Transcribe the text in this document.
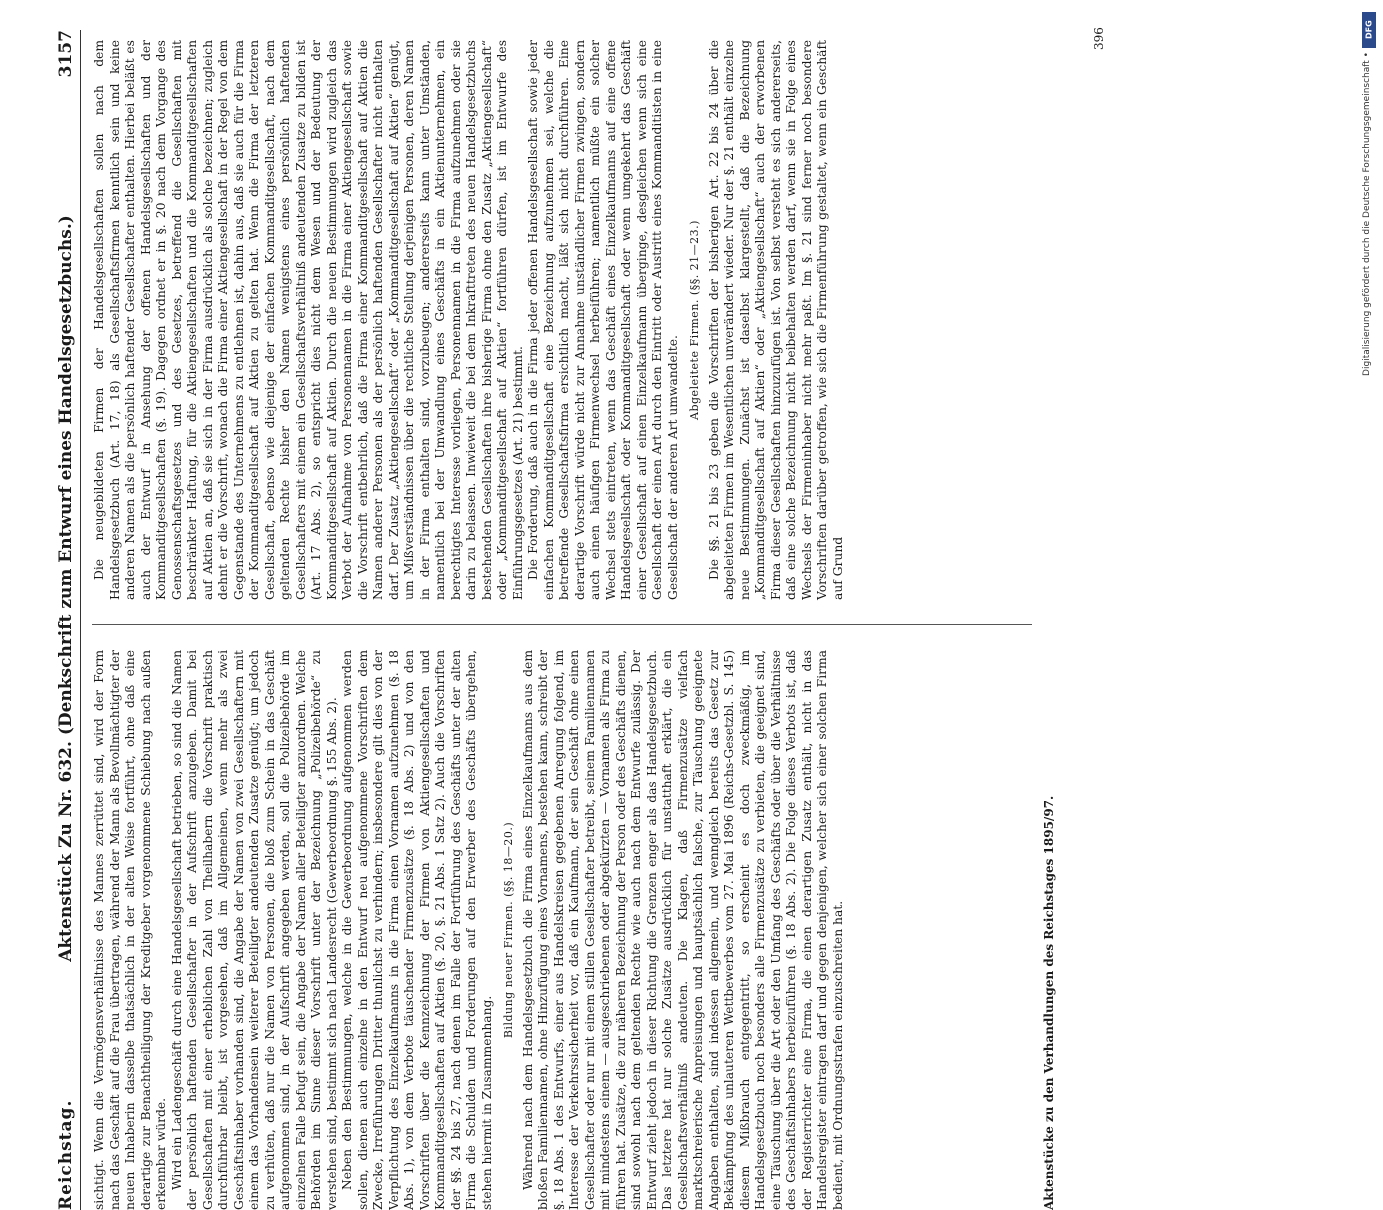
Reichstag.
Aktenstück Zu Nr. 632. (Denkschrift zum Entwurf eines Handelsgesetzbuchs.)
3157

sichtigt. Wenn die Vermögensverhältnisse des Mannes zerrüttet sind, wird der Form nach das Geschäft auf die Frau übertragen, während der Mann als Bevollmächtigter der neuen Inhaberin dasselbe thatsächlich in der alten Weise fortführt, ohne daß eine derartige zur Benachtheiligung der Kreditgeber vorgenommene Schiebung nach außen erkennbar würde. Wird ein Ladengeschäft durch eine Handelsgesellschaft betrieben, so sind die Namen der persönlich haftenden Gesellschafter in der Aufschrift anzugeben. Damit bei Gesellschaften mit einer erheblichen Zahl von Theilhabern die Vorschrift praktisch durchführbar bleibt, ist vorgesehen, daß im Allgemeinen, wenn mehr als zwei Geschäftsinhaber vorhanden sind, die Angabe der Namen von zwei Gesellschaftern mit einem das Vorhandensein weiterer Beteiligter andeutenden Zusatze genügt; um jedoch zu verhüten, daß nur die Namen von Personen, die bloß zum Schein in das Geschäft aufgenommen sind, in der Aufschrift angegeben werden, soll die Polizeibehörde im einzelnen Falle befugt sein, die Angabe der Namen aller Beteiligter anzuordnen. Welche Behörden im Sinne dieser Vorschrift unter der Bezeichnung „Polizeibehörde“ zu verstehen sind, bestimmt sich nach Landesrecht (Gewerbeordnung §. 155 Abs. 2). Neben den Bestimmungen, welche in die Gewerbeordnung aufgenommen werden sollen, dienen auch einzelne in den Entwurf neu aufgenommene Vorschriften dem Zwecke, Irreführungen Dritter thunlichst zu verhindern; insbesondere gilt dies von der Verpflichtung des Einzelkaufmanns in die Firma einen Vornamen aufzunehmen (§. 18 Abs. 1), von dem Verbote täuschender Firmenzusätze (§. 18 Abs. 2) und von den Vorschriften über die Kennzeichnung der Firmen von Aktiengesellschaften und Kommanditgesellschaften auf Aktien (§. 20, §. 21 Abs. 1 Satz 2). Auch die Vorschriften der §§. 24 bis 27, nach denen im Falle der Fortführung des Geschäfts unter der alten Firma die Schulden und Forderungen auf den Erwerber des Geschäfts übergehen, stehen hiermit in Zusammenhang.

Bildung neuer Firmen. (§§. 18—20.) Während nach dem Handelsgesetzbuch die Firma eines Einzelkaufmanns aus dem bloßen Familiennamen, ohne Hinzufügung eines Vornamens, bestehen kann, schreibt der §. 18 Abs. 1 des Entwurfs, einer aus Handelskreisen gegebenen Anregung folgend, im Interesse der Verkehrssicherheit vor, daß ein Kaufmann, der sein Geschäft ohne einen Gesellschafter oder nur mit einem stillen Gesellschafter betreibt, seinem Familiennamen mit mindestens einem — ausgeschriebenen oder abgekürzten — Vornamen als Firma zu führen hat. Zusätze, die zur näheren Bezeichnung der Person oder des Geschäfts dienen, sind sowohl nach dem geltenden Rechte wie auch nach dem Entwurfe zulässig. Der Entwurf zieht jedoch in dieser Richtung die Grenzen enger als das Handelsgesetzbuch. Das letztere hat nur solche Zusätze ausdrücklich für unstatthaft erklärt, die ein Gesellschaftsverhältniß andeuten. Die Klagen, daß Firmenzusätze vielfach marktschreierische Anpreisungen und hauptsächlich falsche, zur Täuschung geeignete Angaben enthalten, sind indessen allgemein, und wenngleich bereits das Gesetz zur Bekämpfung des unlauteren Wettbewerbes vom 27. Mai 1896 (Reichs-Gesetzbl. S. 145) diesem Mißbrauch entgegentritt, so erscheint es doch zweckmäßig, im Handelsgesetzbuch noch besonders alle Firmenzusätze zu verbieten, die geeignet sind, eine Täuschung über die Art oder den Umfang des Geschäfts oder über die Verhältnisse des Geschäftsinhabers herbeizuführen (§. 18 Abs. 2). Die Folge dieses Verbots ist, daß der Registerrichter eine Firma, die einen derartigen Zusatz enthält, nicht in das Handelsregister eintragen darf und gegen denjenigen, welcher sich einer solchen Firma bedient, mit Ordnungsstrafen einzuschreiten hat.

Die neugebildeten Firmen der Handelsgesellschaften sollen nach dem Handelsgesetzbuch (Art. 17, 18) als Gesellschaftsfirmen kenntlich sein und keine anderen Namen als die persönlich haftender Gesellschafter enthalten. Hierbei beläßt es auch der Entwurf in Ansehung der offenen Handelsgesellschaften und der Kommanditgesellschaften (§. 19). Dagegen ordnet er in §. 20 nach dem Vorgange des Genossenschaftsgesetzes und des Gesetzes, betreffend die Gesellschaften mit beschränkter Haftung, für die Aktiengesellschaften und die Kommanditgesellschaften auf Aktien an, daß sie sich in der Firma ausdrücklich als solche bezeichnen; zugleich dehnt er die Vorschrift, wonach die Firma einer Aktiengesellschaft in der Regel von dem Gegenstande des Unternehmens zu entlehnen ist, dahin aus, daß sie auch für die Firma der Kommanditgesellschaft auf Aktien zu gelten hat. Wenn die Firma der letzteren Gesellschaft, ebenso wie diejenige der einfachen Kommanditgesellschaft, nach dem geltenden Rechte bisher den Namen wenigstens eines persönlich haftenden Gesellschafters mit einem ein Gesellschaftsverhältniß andeutenden Zusatze zu bilden ist (Art. 17 Abs. 2), so entspricht dies nicht dem Wesen und der Bedeutung der Kommanditgesellschaft auf Aktien. Durch die neuen Bestimmungen wird zugleich das Verbot der Aufnahme von Personennamen in die Firma einer Aktiengesellschaft sowie die Vorschrift entbehrlich, daß die Firma einer Kommanditgesellschaft auf Aktien die Namen anderer Personen als der persönlich haftenden Gesellschafter nicht enthalten darf. Der Zusatz „Aktiengesellschaft“ oder „Kommanditgesellschaft auf Aktien“ genügt, um Mißverständnissen über die rechtliche Stellung derjenigen Personen, deren Namen in der Firma enthalten sind, vorzubeugen; andererseits kann unter Umständen, namentlich bei der Umwandlung eines Geschäfts in ein Aktienunternehmen, ein berechtigtes Interesse vorliegen, Personennamen in die Firma aufzunehmen oder sie darin zu belassen. Inwieweit die bei dem Inkrafttreten des neuen Handelsgesetzbuchs bestehenden Gesellschaften ihre bisherige Firma ohne den Zusatz „Aktiengesellschaft“ oder „Kommanditgesellschaft auf Aktien“ fortführen dürfen, ist im Entwurfe des Einführungsgesetzes (Art. 21) bestimmt. Die Forderung, daß auch in die Firma jeder offenen Handelsgesellschaft sowie jeder einfachen Kommanditgesellschaft eine Bezeichnung aufzunehmen sei, welche die betreffende Gesellschaftsfirma ersichtlich macht, läßt sich nicht durchführen. Eine derartige Vorschrift würde nicht zur Annahme unständlicher Firmen zwingen, sondern auch einen häufigen Firmenwechsel herbeiführen; namentlich müßte ein solcher Wechsel stets eintreten, wenn das Geschäft eines Einzelkaufmanns auf eine offene Handelsgesellschaft oder Kommanditgesellschaft oder wenn umgekehrt das Geschäft einer Gesellschaft auf einen Einzelkaufmann überginge, desgleichen wenn sich eine Gesellschaft der einen Art durch den Eintritt oder Austritt eines Kommanditisten in eine Gesellschaft der anderen Art umwandelte.

Abgeleitete Firmen. (§§. 21—23.) Die §§. 21 bis 23 geben die Vorschriften der bisherigen Art. 22 bis 24 über die abgeleiteten Firmen im Wesentlichen unverändert wieder. Nur der §. 21 enthält einzelne neue Bestimmungen. Zunächst ist daselbst klargestellt, daß die Bezeichnung „Kommanditgesellschaft auf Aktien“ oder „Aktiengesellschaft“ auch der erworbenen Firma dieser Gesellschaften hinzuzufügen ist. Von selbst versteht es sich andererseits, daß eine solche Bezeichnung nicht beibehalten werden darf, wenn sie in Folge eines Wechsels der Firmeninhaber nicht mehr paßt. Im §. 21 sind ferner noch besondere Vorschriften darüber getroffen, wie sich die Firmenführung gestaltet, wenn ein Geschäft auf Grund

Aktenstücke zu den Verhandlungen des Reichstages 1895/97.
396	DFG
Digitalisierung gefördert durch die Deutsche Forschungsgemeinschaft •
